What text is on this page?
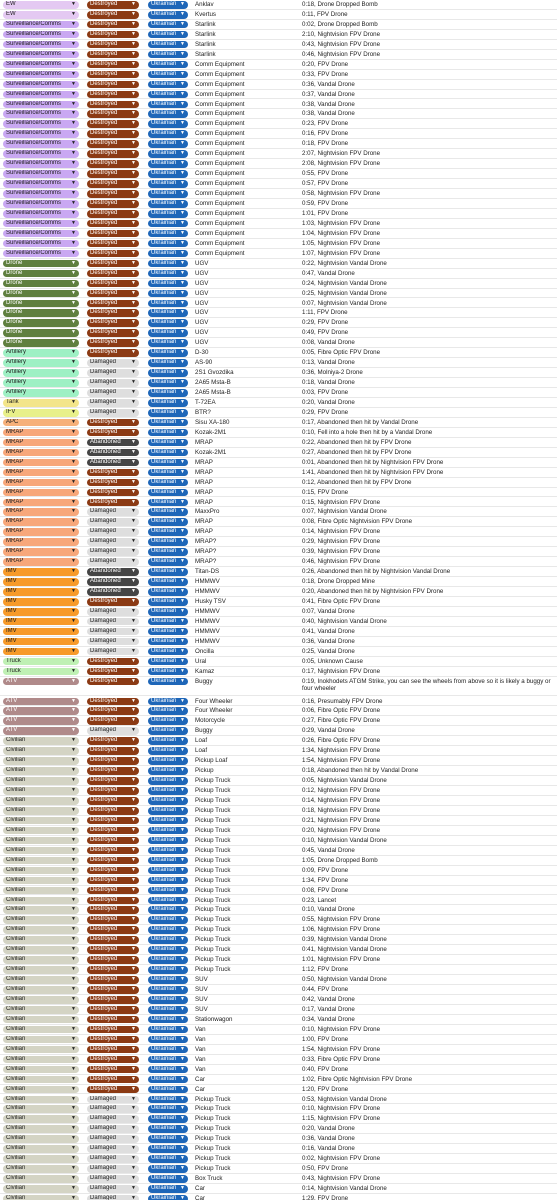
EW	▼	Destroyed	▼	Ukrainian ▼ Anklav	0:18, Drone Dropped Bomb
EW	▼	Destroyed	▼	Ukrainian ▼ Kvertus	0:11, FPV Drone
Surveillance/Comms ▼	Destroyed	▼	Ukrainian ▼ Starlink	0:02, Drone Dropped Bomb
Surveillance/Comms ▼	Destroyed	▼	Ukrainian ▼ Starlink	2:10, Nightvision FPV Drone
Surveillance/Comms ▼	Destroyed	▼	Ukrainian ▼ Starlink	0:43, Nightvision FPV Drone
Surveillance/Comms ▼	Destroyed	▼	Ukrainian ▼ Starlink	0:46, Nightvision FPV Drone
Surveillance/Comms ▼	Destroyed	▼	Ukrainian ▼ Comm Equipment	0:20, FPV Drone
Surveillance/Comms ▼	Destroyed	▼	Ukrainian ▼ Comm Equipment	0:33, FPV Drone
Surveillance/Comms ▼	Destroyed	▼	Ukrainian ▼ Comm Equipment	0:36, Vandal Drone
Surveillance/Comms ▼	Destroyed	▼	Ukrainian ▼ Comm Equipment	0:37, Vandal Drone
Surveillance/Comms ▼	Destroyed	▼	Ukrainian ▼ Comm Equipment	0:38, Vandal Drone
Surveillance/Comms ▼	Destroyed	▼	Ukrainian ▼ Comm Equipment	0:38, Vandal Drone
Surveillance/Comms ▼	Destroyed	▼	Ukrainian ▼ Comm Equipment	0:23, FPV Drone
Surveillance/Comms ▼	Destroyed	▼	Ukrainian ▼ Comm Equipment	0:16, FPV Drone
Surveillance/Comms ▼	Destroyed	▼	Ukrainian ▼ Comm Equipment	0:18, FPV Drone
Surveillance/Comms ▼	Destroyed	▼	Ukrainian ▼ Comm Equipment	2:07, Nightvision FPV Drone
Surveillance/Comms ▼	Destroyed	▼	Ukrainian ▼ Comm Equipment	2:08, Nightvision FPV Drone
Surveillance/Comms ▼	Destroyed	▼	Ukrainian ▼ Comm Equipment	0:55, FPV Drone
Surveillance/Comms ▼	Destroyed	▼	Ukrainian ▼ Comm Equipment	0:57, FPV Drone
Surveillance/Comms ▼	Destroyed	▼	Ukrainian ▼ Comm Equipment	0:58, Nightvision FPV Drone
Surveillance/Comms ▼	Destroyed	▼	Ukrainian ▼ Comm Equipment	0:59, FPV Drone
Surveillance/Comms ▼	Destroyed	▼	Ukrainian ▼ Comm Equipment	1:01, FPV Drone
Surveillance/Comms ▼	Destroyed	▼	Ukrainian ▼ Comm Equipment	1:03, Nightvision FPV Drone
Surveillance/Comms ▼	Destroyed	▼	Ukrainian ▼ Comm Equipment	1:04, Nightvision FPV Drone
Surveillance/Comms ▼	Destroyed	▼	Ukrainian ▼ Comm Equipment	1:05, Nightvision FPV Drone
Surveillance/Comms ▼	Destroyed	▼	Ukrainian ▼ Comm Equipment	1:07, Nightvision FPV Drone
Drone	▼	Destroyed	▼	Ukrainian ▼ UGV	0:22, Nightvision Vandal Drone
Drone	▼	Destroyed	▼	Ukrainian ▼ UGV	0:47, Vandal Drone
Drone	▼	Destroyed	▼	Ukrainian ▼ UGV	0:24, Nightvision Vandal Drone
Drone	▼	Destroyed	▼	Ukrainian ▼ UGV	0:25, Nightvision Vandal Drone
Drone	▼	Destroyed	▼	Ukrainian ▼ UGV	0:07, Nightvision Vandal Drone
Drone	▼	Destroyed	▼	Ukrainian ▼ UGV	1:11, FPV Drone
Drone	▼	Destroyed	▼	Ukrainian ▼ UGV	0:29, FPV Drone
Drone	▼	Destroyed	▼	Ukrainian ▼ UGV	0:49, FPV Drone
Drone	▼	Destroyed	▼	Ukrainian ▼ UGV	0:08, Vandal Drone
Artillery	▼	Destroyed	▼	Ukrainian ▼ D-30	0:05, Fibre Optic FPV Drone
Artillery	▼	Damaged	▼	Ukrainian ▼ AS-90	0:13, Vandal Drone
Artillery	▼	Damaged	▼	Ukrainian ▼ 2S1 Gvozdika	0:36, Molniya-2 Drone
Artillery	▼	Damaged	▼	Ukrainian ▼ 2A65 Msta-B	0:18, Vandal Drone
Artillery	▼	Damaged	▼	Ukrainian ▼ 2A65 Msta-B	0:03, FPV Drone
Tank	▼	Damaged	▼	Ukrainian ▼ T-72EA	0:20, Vandal Drone
IFV	▼	Damaged	▼	Ukrainian ▼ BTR?	0:29, FPV Drone
APC	▼	Destroyed	▼	Ukrainian ▼ Sisu XA-180	0:17, Abandoned then hit by Vandal Drone
MRAP	▼	Destroyed	▼	Ukrainian ▼ Kozak-2M1	0:10, Fell into a hole then hit by a Vandal Drone
MRAP	▼	Abandoned ▼	Ukrainian ▼ MRAP	0:22, Abandoned then hit by FPV Drone
MRAP	▼	Abandoned ▼	Ukrainian ▼ Kozak-2M1	0:27, Abandoned then hit by FPV Drone
MRAP	▼	Abandoned ▼	Ukrainian ▼ MRAP	0:01, Abandoned then hit by Nightvision FPV Drone
MRAP	▼	Destroyed	▼	Ukrainian ▼ MRAP	1:41, Abandoned then hit by Nightvision FPV Drone
MRAP	▼	Destroyed	▼	Ukrainian ▼ MRAP	0:12, Abandoned then hit by FPV Drone
MRAP	▼	Destroyed	▼	Ukrainian ▼ MRAP	0:15, FPV Drone
MRAP	▼	Destroyed	▼	Ukrainian ▼ MRAP	0:15, Nightvision FPV Drone
MRAP	▼	Damaged	▼	Ukrainian ▼ MaxxPro	0:07, Nightvision Vandal Drone
MRAP	▼	Damaged	▼	Ukrainian ▼ MRAP	0:08, Fibre Optic Nightvision FPV Drone
MRAP	▼	Damaged	▼	Ukrainian ▼ MRAP	0:14, Nightvision FPV Drone
MRAP	▼	Damaged	▼	Ukrainian ▼ MRAP?	0:29, Nightvision FPV Drone
MRAP	▼	Damaged	▼	Ukrainian ▼ MRAP?	0:39, Nightvision FPV Drone
MRAP	▼	Damaged	▼	Ukrainian ▼ MRAP?	0:46, Nightvision FPV Drone
IMV	▼	Abandoned ▼	Ukrainian ▼ Titan-DS	0:26, Abandoned then hit by Nightvision Vandal Drone
IMV	▼	Abandoned ▼	Ukrainian ▼ HMMWV	0:18, Drone Dropped Mine
IMV	▼	Abandoned ▼	Ukrainian ▼ HMMWV	0:20, Abandoned then hit by Nightvision FPV Drone
IMV	▼	Destroyed	▼	Ukrainian ▼ Husky TSV	0:41, Fibre Optic FPV Drone
IMV	▼	Damaged	▼	Ukrainian ▼ HMMWV	0:07, Vandal Drone
IMV	▼	Damaged	▼	Ukrainian ▼ HMMWV	0:40, Nightvision Vandal Drone
IMV	▼	Damaged	▼	Ukrainian ▼ HMMWV	0:41, Vandal Drone
IMV	▼	Damaged	▼	Ukrainian ▼ HMMWV	0:36, Vandal Drone
IMV	▼	Damaged	▼	Ukrainian ▼ Oncilla	0:25, Vandal Drone
Truck	▼	Destroyed	▼	Ukrainian ▼ Ural	0:05, Unknown Cause
Truck	▼	Destroyed	▼	Ukrainian ▼ Kamaz	0:17, Nightvision FPV Drone
ATV	▼	Destroyed	▼	Ukrainian ▼ Buggy	0:19, Inokhodets ATGM Strike, you can see the wheels from above so it is likely a buggy or four wheeler
ATV	▼	Destroyed	▼	Ukrainian ▼ Four Wheeler	0:16, Presumably FPV Drone
ATV	▼	Destroyed	▼	Ukrainian ▼ Four Wheeler	0:06, Fibre Optic FPV Drone
ATV	▼	Destroyed	▼	Ukrainian ▼ Motorcycle	0:27, Fibre Optic FPV Drone
ATV	▼	Damaged	▼	Ukrainian ▼ Buggy	0:29, Vandal Drone
Civilian	▼	Destroyed	▼	Ukrainian ▼ Loaf	0:26, Fibre Optic FPV Drone
Civilian	▼	Destroyed	▼	Ukrainian ▼ Loaf	1:34, Nightvision FPV Drone
Civilian	▼	Destroyed	▼	Ukrainian ▼ Pickup Loaf	1:54, Nightvision FPV Drone
Civilian	▼	Destroyed	▼	Ukrainian ▼ Pickup	0:18, Abandoned then hit by Vandal Drone
Civilian	▼	Destroyed	▼	Ukrainian ▼ Pickup Truck	0:05, Nightvision Vandal Drone
Civilian	▼	Destroyed	▼	Ukrainian ▼ Pickup Truck	0:12, Nightvision FPV Drone
Civilian	▼	Destroyed	▼	Ukrainian ▼ Pickup Truck	0:14, Nightvision FPV Drone
Civilian	▼	Destroyed	▼	Ukrainian ▼ Pickup Truck	0:18, Nightvision FPV Drone
Civilian	▼	Destroyed	▼	Ukrainian ▼ Pickup Truck	0:21, Nightvision FPV Drone
Civilian	▼	Destroyed	▼	Ukrainian ▼ Pickup Truck	0:20, Nightvision FPV Drone
Civilian	▼	Destroyed	▼	Ukrainian ▼ Pickup Truck	0:10, Nightvision Vandal Drone
Civilian	▼	Destroyed	▼	Ukrainian ▼ Pickup Truck	0:45, Vandal Drone
Civilian	▼	Destroyed	▼	Ukrainian ▼ Pickup Truck	1:05, Drone Dropped Bomb
Civilian	▼	Destroyed	▼	Ukrainian ▼ Pickup Truck	0:09, FPV Drone
Civilian	▼	Destroyed	▼	Ukrainian ▼ Pickup Truck	1:34, FPV Drone
Civilian	▼	Destroyed	▼	Ukrainian ▼ Pickup Truck	0:08, FPV Drone
Civilian	▼	Destroyed	▼	Ukrainian ▼ Pickup Truck	0:23, Lancet
Civilian	▼	Destroyed	▼	Ukrainian ▼ Pickup Truck	0:10, Vandal Drone
Civilian	▼	Destroyed	▼	Ukrainian ▼ Pickup Truck	0:55, Nightvision FPV Drone
Civilian	▼	Destroyed	▼	Ukrainian ▼ Pickup Truck	1:06, Nightvision FPV Drone
Civilian	▼	Destroyed	▼	Ukrainian ▼ Pickup Truck	0:39, Nightvision Vandal Drone
Civilian	▼	Destroyed	▼	Ukrainian ▼ Pickup Truck	0:41, Nightvision Vandal Drone
Civilian	▼	Destroyed	▼	Ukrainian ▼ Pickup Truck	1:01, Nightvision FPV Drone
Civilian	▼	Destroyed	▼	Ukrainian ▼ Pickup Truck	1:12, FPV Drone
Civilian	▼	Destroyed	▼	Ukrainian ▼ SUV	0:50, Nightvision Vandal Drone
Civilian	▼	Destroyed	▼	Ukrainian ▼ SUV	0:44, FPV Drone
Civilian	▼	Destroyed	▼	Ukrainian ▼ SUV	0:42, Vandal Drone
Civilian	▼	Destroyed	▼	Ukrainian ▼ SUV	0:17, Vandal Drone
Civilian	▼	Destroyed	▼	Ukrainian ▼ Stationwagon	0:34, Vandal Drone
Civilian	▼	Destroyed	▼	Ukrainian ▼ Van	0:10, Nightvision FPV Drone
Civilian	▼	Destroyed	▼	Ukrainian ▼ Van	1:00, FPV Drone
Civilian	▼	Destroyed	▼	Ukrainian ▼ Van	1:54, Nightvision FPV Drone
Civilian	▼	Destroyed	▼	Ukrainian ▼ Van	0:33, Fibre Optic FPV Drone
Civilian	▼	Destroyed	▼	Ukrainian ▼ Van	0:40, FPV Drone
Civilian	▼	Destroyed	▼	Ukrainian ▼ Car	1:02, Fibre Optic Nightvision FPV Drone
Civilian	▼	Destroyed	▼	Ukrainian ▼ Car	1:20, FPV Drone
Civilian	▼	Damaged	▼	Ukrainian ▼ Pickup Truck	0:53, Nightvision Vandal Drone
Civilian	▼	Damaged	▼	Ukrainian ▼ Pickup Truck	0:10, Nightvision FPV Drone
Civilian	▼	Damaged	▼	Ukrainian ▼ Pickup Truck	1:15, Nightvision FPV Drone
Civilian	▼	Damaged	▼	Ukrainian ▼ Pickup Truck	0:20, Vandal Drone
Civilian	▼	Damaged	▼	Ukrainian ▼ Pickup Truck	0:36, Vandal Drone
Civilian	▼	Damaged	▼	Ukrainian ▼ Pickup Truck	0:16, Vandal Drone
Civilian	▼	Damaged	▼	Ukrainian ▼ Pickup Truck	0:02, Nightvision FPV Drone
Civilian	▼	Damaged	▼	Ukrainian ▼ Pickup Truck	0:50, FPV Drone
Civilian	▼	Damaged	▼	Ukrainian ▼ Box Truck	0:43, Nightvision FPV Drone
Civilian	▼	Damaged	▼	Ukrainian ▼ Car	0:14, Nightvision Vandal Drone
Civilian	▼	Damaged	▼	Ukrainian ▼ Car	1:29, FPV Drone
